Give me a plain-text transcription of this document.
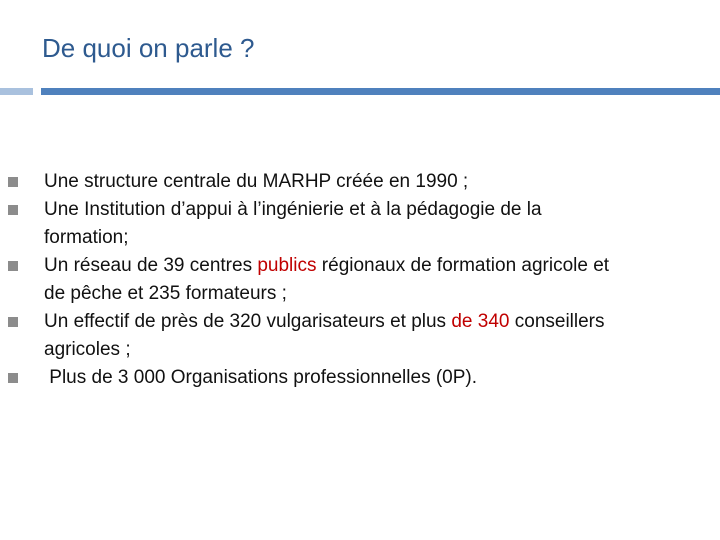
De quoi on parle ?
Une structure centrale du MARHP créée en 1990 ;
Une Institution d’appui à l’ingénierie et à la pédagogie de la
formation;
Un réseau de 39 centres publics régionaux de formation agricole et
de pêche et 235 formateurs ;
Un effectif de près de 320 vulgarisateurs et plus de 340 conseillers
agricoles ;
Plus de 3 000 Organisations professionnelles (0P).
